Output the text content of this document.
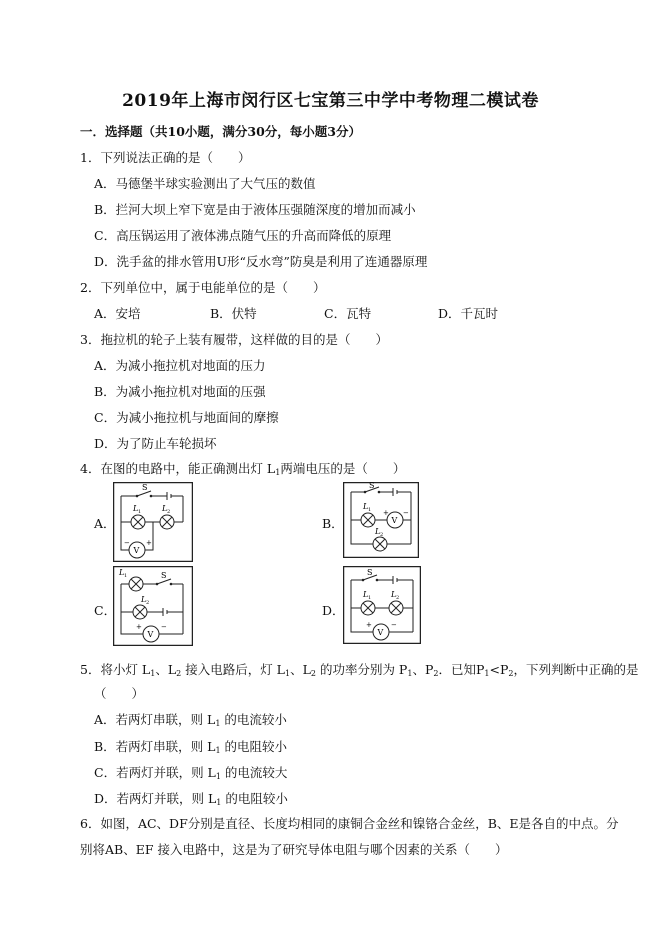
2019年上海市闵行区七宝第三中学中考物理二模试卷
一．选择题（共10小题，满分30分，每小题3分）
1．下列说法正确的是（　　）
A．马德堡半球实验测出了大气压的数值
B．拦河大坝上窄下宽是由于液体压强随深度的增加而减小
C．高压锅运用了液体沸点随气压的升高而降低的原理
D．洗手盆的排水管用U形“反水弯”防臭是利用了连通器原理
2．下列单位中，属于电能单位的是（　　）
A．安培	B．伏特	C．瓦特	D．千瓦时
3．拖拉机的轮子上装有履带，这样做的目的是（　　）
A．为减小拖拉机对地面的压力
B．为减小拖拉机对地面的压强
C．为减小拖拉机与地面间的摩擦
D．为了防止车轮损坏
4．在图的电路中，能正确测出灯 $L_1$两端电压的是（　　）
A．	B．
C．	D．
S
L 1	L 2
V
+
−
S
L 1
V
+ −
L 2
S
L 1
L 2
V
+	−
S
L 1 L 2
V
+	−
5．将小灯 $L_1$、$L_2$ 接入电路后，灯 $L_1$、$L_2$ 的功率分别为 $P_1$、$P_2$．已知$P_1<P_2$，下列判断中正确的是
（　　）
A．若两灯串联，则 $L_1$ 的电流较小
B．若两灯串联，则 $L_1$ 的电阻较小
C．若两灯并联，则 $L_1$ 的电流较大
D．若两灯并联，则 $L_1$ 的电阻较小
6．如图，AC、DF分别是直径、长度均相同的康铜合金丝和镍铬合金丝，B、E是各自的中点。分
别将AB、EF 接入电路中，这是为了研究导体电阻与哪个因素的关系（　　）
